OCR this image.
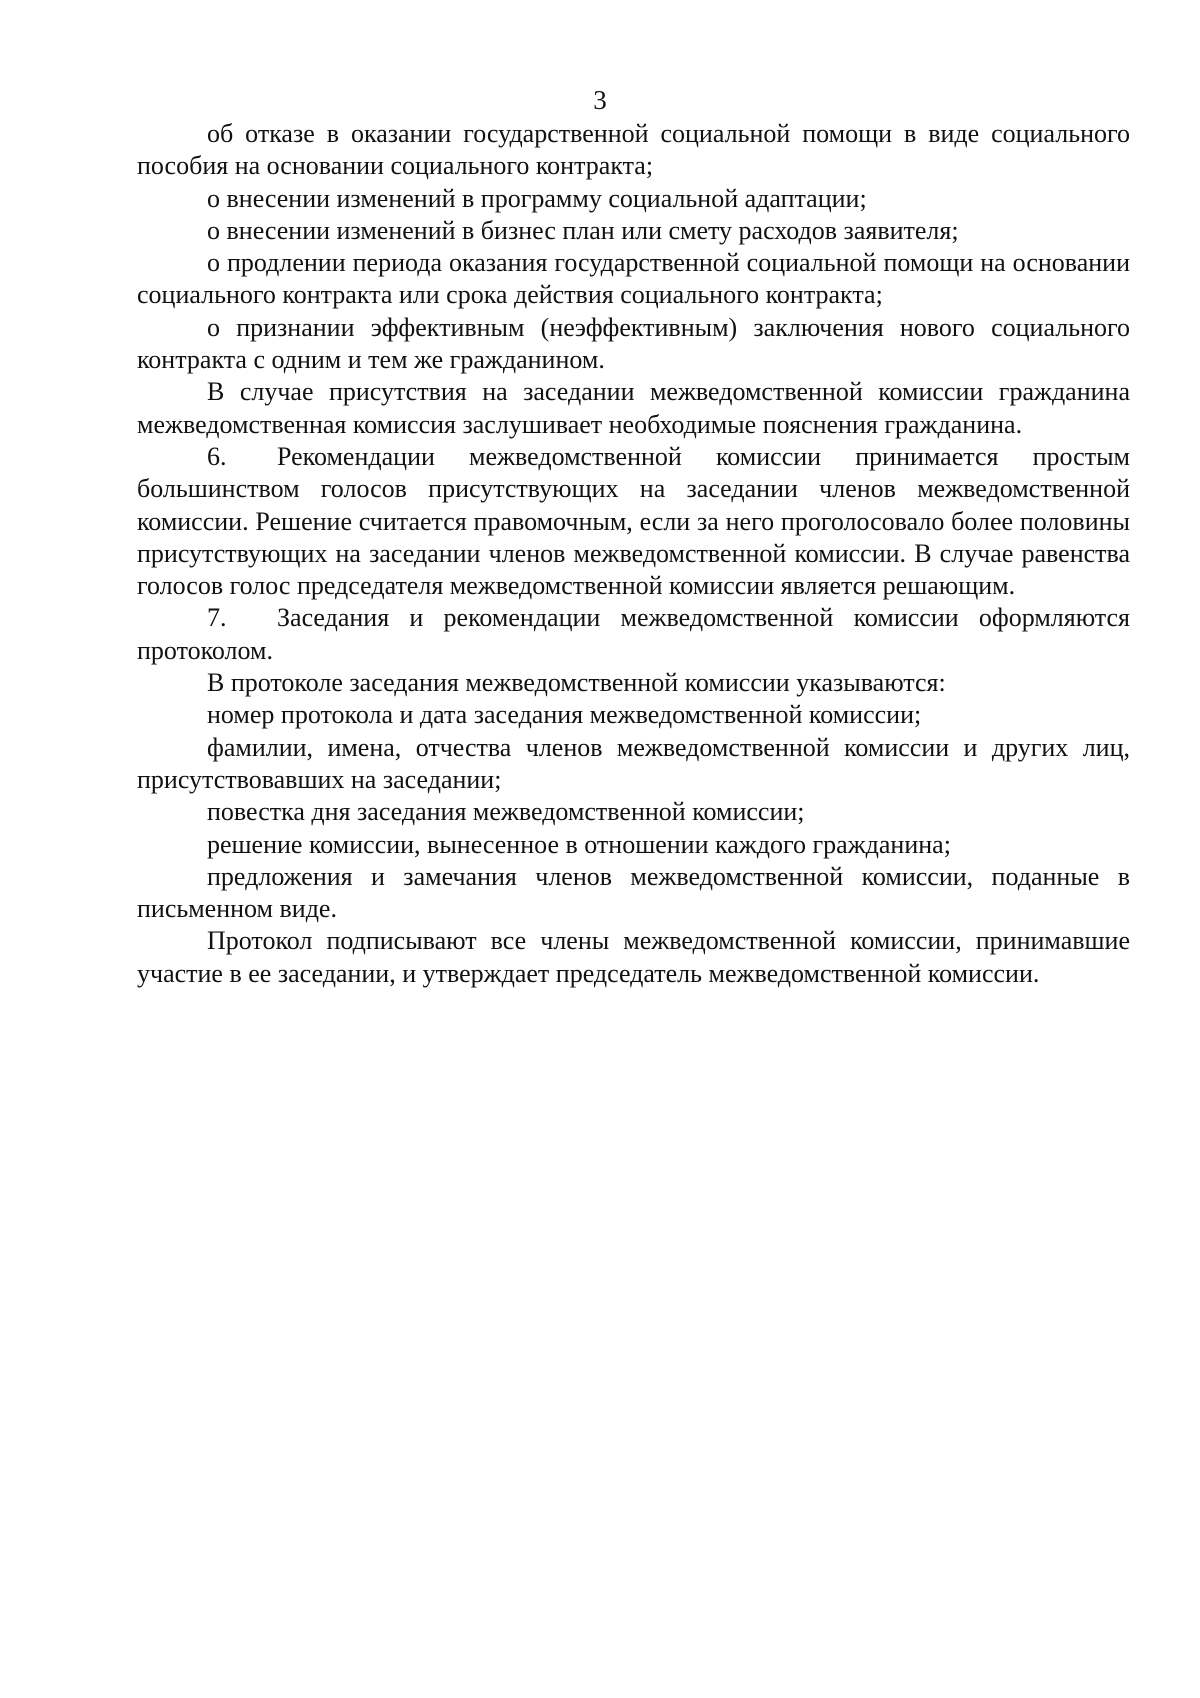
3

об отказе в оказании государственной социальной помощи в виде социального пособия на основании социального контракта;

о внесении изменений в программу социальной адаптации;

о внесении изменений в бизнес план или смету расходов заявителя;

о продлении периода оказания государственной социальной помощи на основании социального контракта или срока действия социального контракта;

о признании эффективным (неэффективным) заключения нового социального контракта с одним и тем же гражданином.

В случае присутствия на заседании межведомственной комиссии гражданина межведомственная комиссия заслушивает необходимые пояснения гражданина.

6. Рекомендации межведомственной комиссии принимается простым большинством голосов присутствующих на заседании членов межведомственной комиссии. Решение считается правомочным, если за него проголосовало более половины присутствующих на заседании членов межведомственной комиссии. В случае равенства голосов голос председателя межведомственной комиссии является решающим.

7. Заседания и рекомендации межведомственной комиссии оформляются протоколом.

В протоколе заседания межведомственной комиссии указываются:

номер протокола и дата заседания межведомственной комиссии;

фамилии, имена, отчества членов межведомственной комиссии и других лиц, присутствовавших на заседании;

повестка дня заседания межведомственной комиссии;

решение комиссии, вынесенное в отношении каждого гражданина;

предложения и замечания членов межведомственной комиссии, поданные в письменном виде.

Протокол подписывают все члены межведомственной комиссии, принимавшие участие в ее заседании, и утверждает председатель межведомственной комиссии.
